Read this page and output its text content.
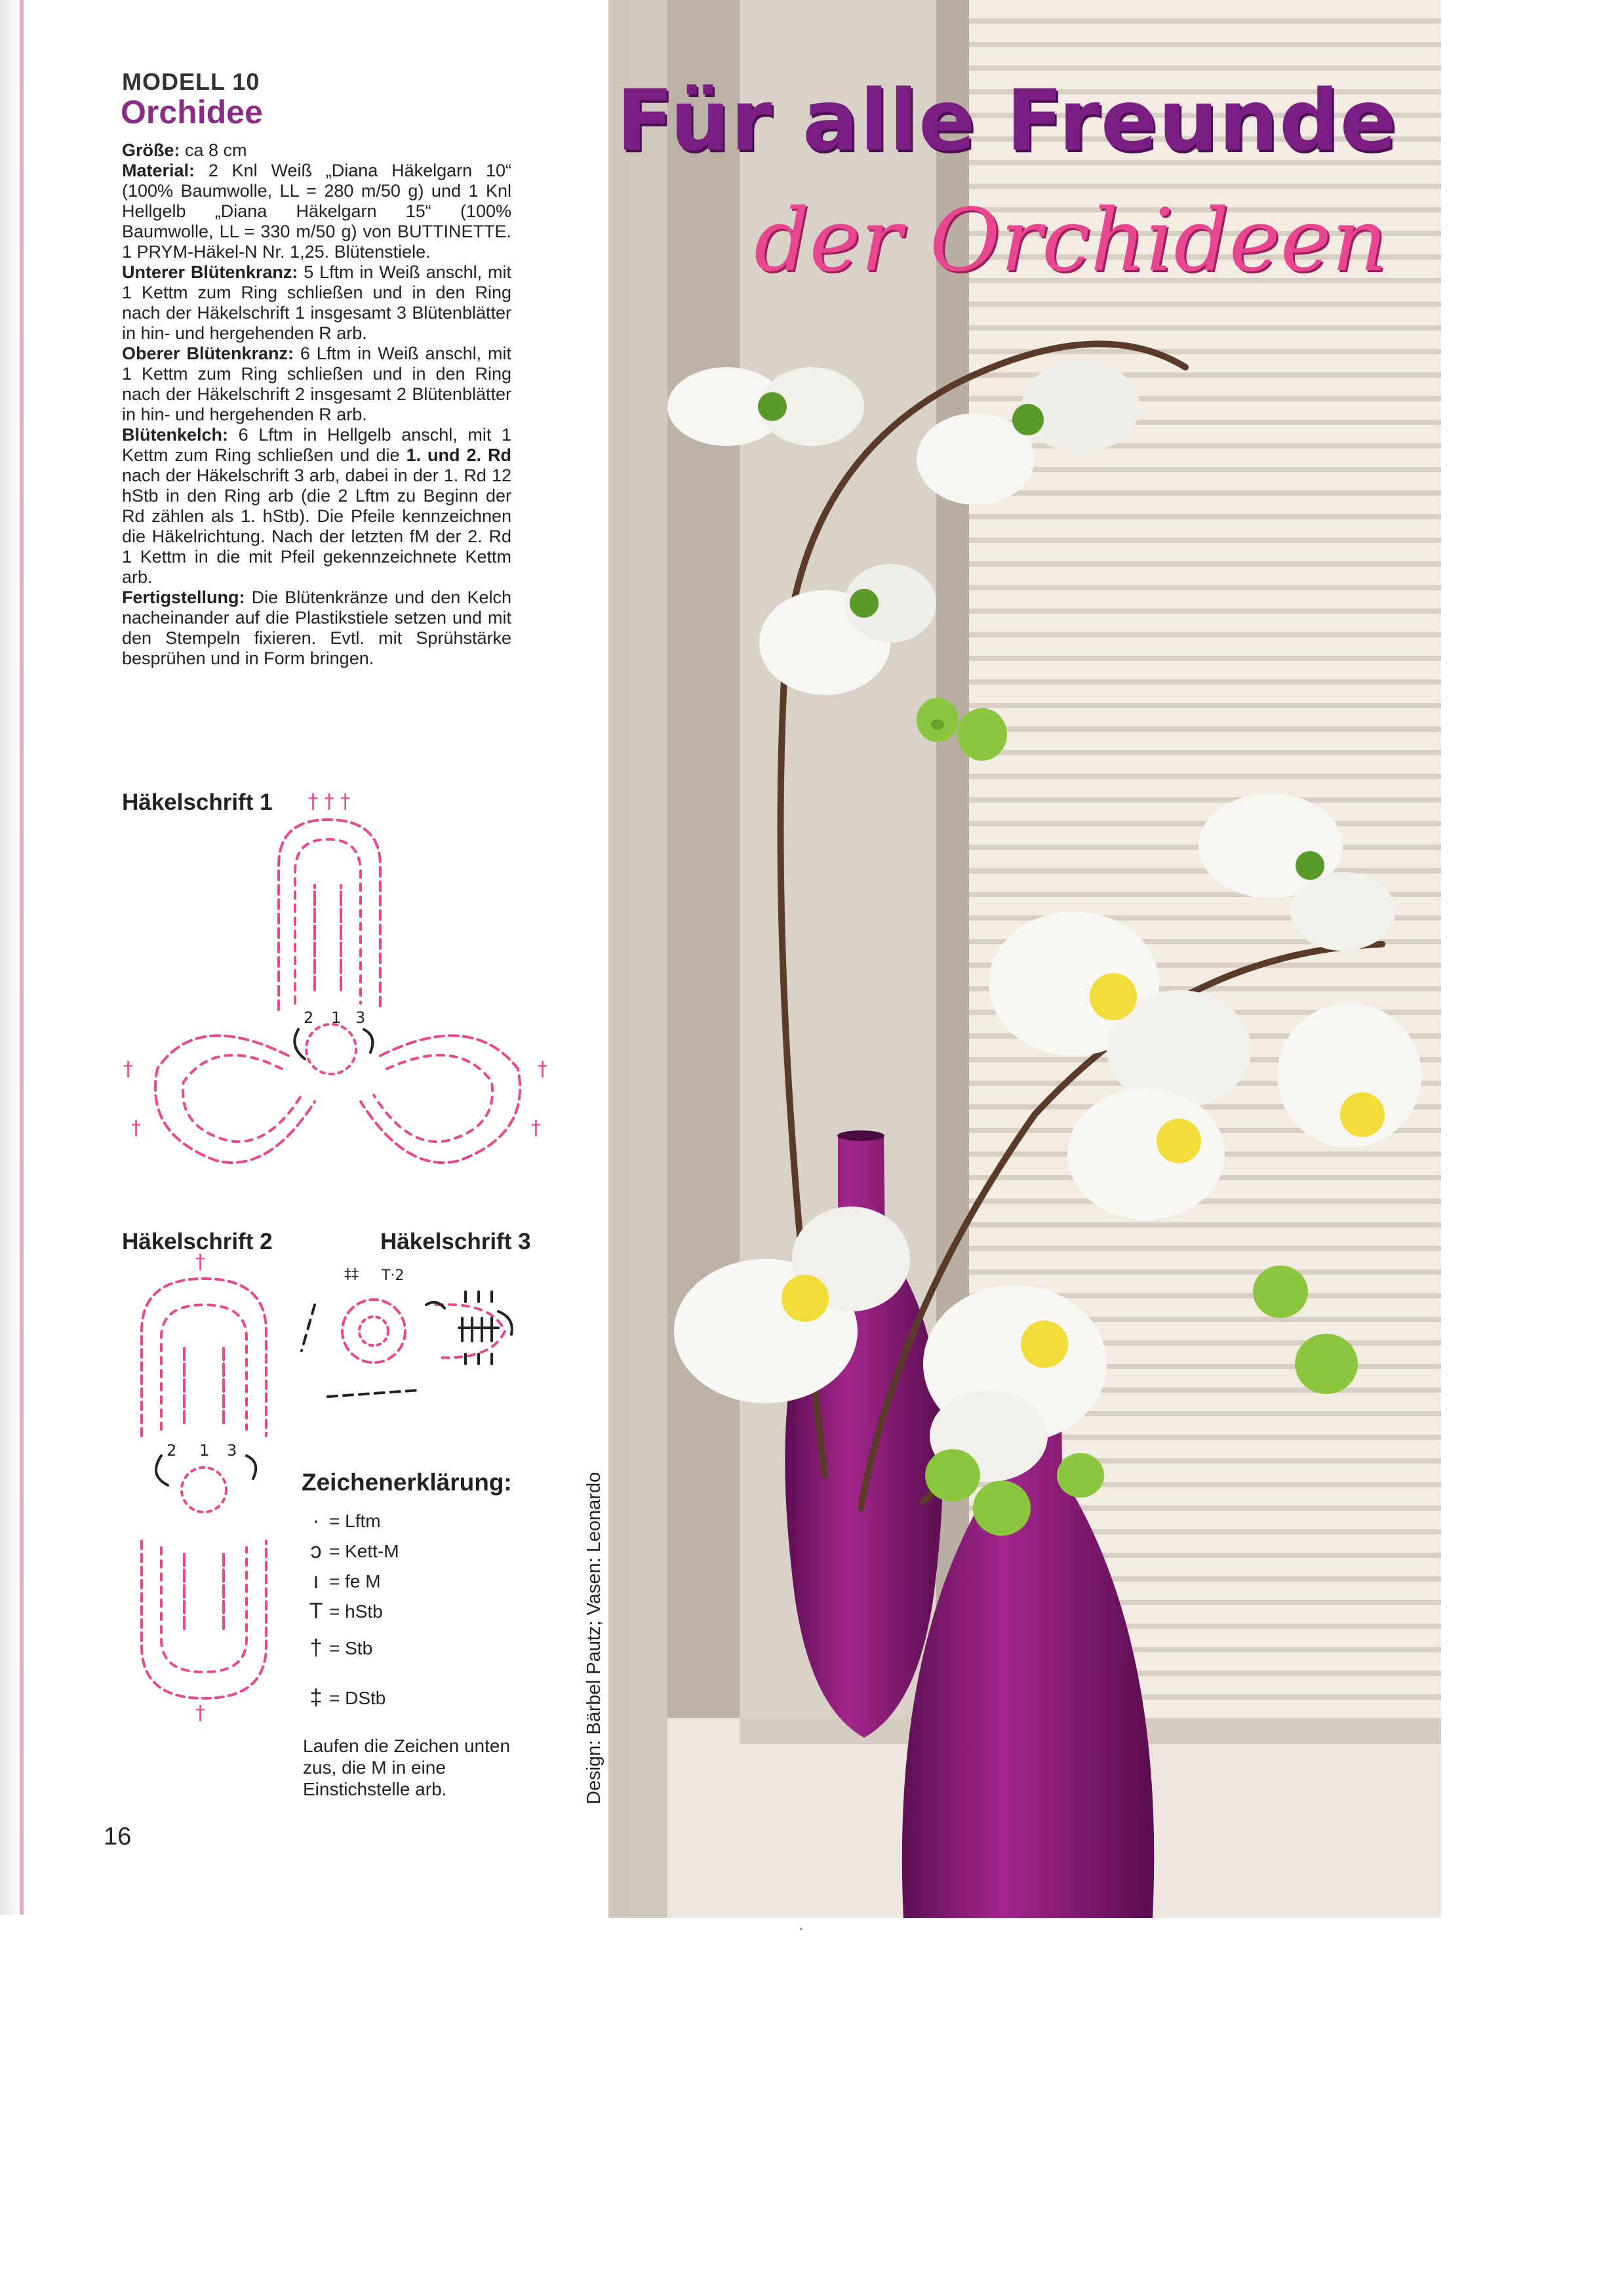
MODELL 10
Orchidee

Größe: ca 8 cm

Material: 2 Knl Weiß „Diana Häkelgarn 10“ (100% Baumwolle, LL = 280 m/50 g) und 1 Knl Hellgelb „Diana Häkelgarn 15“ (100% Baumwolle, LL = 330 m/50 g) von BUTTINETTE. 1 PRYM-Häkel-N Nr. 1,25. Blütenstiele.

Unterer Blütenkranz: 5 Lftm in Weiß anschl, mit 1 Kettm zum Ring schließen und in den Ring nach der Häkelschrift 1 insgesamt 3 Blütenblätter in hin- und hergehenden R arb.

Oberer Blütenkranz: 6 Lftm in Weiß anschl, mit 1 Kettm zum Ring schließen und in den Ring nach der Häkelschrift 2 insgesamt 2 Blütenblätter in hin- und hergehenden R arb.

Blütenkelch: 6 Lftm in Hellgelb anschl, mit 1 Kettm zum Ring schließen und die 1. und 2. Rd nach der Häkelschrift 3 arb, dabei in der 1. Rd 12 hStb in den Ring arb (die 2 Lftm zu Beginn der Rd zählen als 1. hStb). Die Pfeile kennzeichnen die Häkelrichtung. Nach der letzten fM der 2. Rd 1 Kettm in die mit Pfeil gekennzeichnete Kettm arb.

Fertigstellung: Die Blütenkränze und den Kelch nacheinander auf die Plastikstiele setzen und mit den Stempeln fixieren. Evtl. mit Sprühstärke besprühen und in Form bringen.

Häkelschrift 1 † † †
†
†
†
†
2 1 3
Häkelschrift 2
†
†
2 1 3
Häkelschrift 3
T·2
‡‡
Zeichenerklärung:
· = Lftm
ɔ = Kett-M
ı = fe M
T = hStb
† = Stb
‡ = DStb
Laufen die Zeichen unten zus, die M in eine Einstichstelle arb.	Design: Bärbel Pautz; Vasen: Leonardo
16
Für alle Freunde
der Orchideen
